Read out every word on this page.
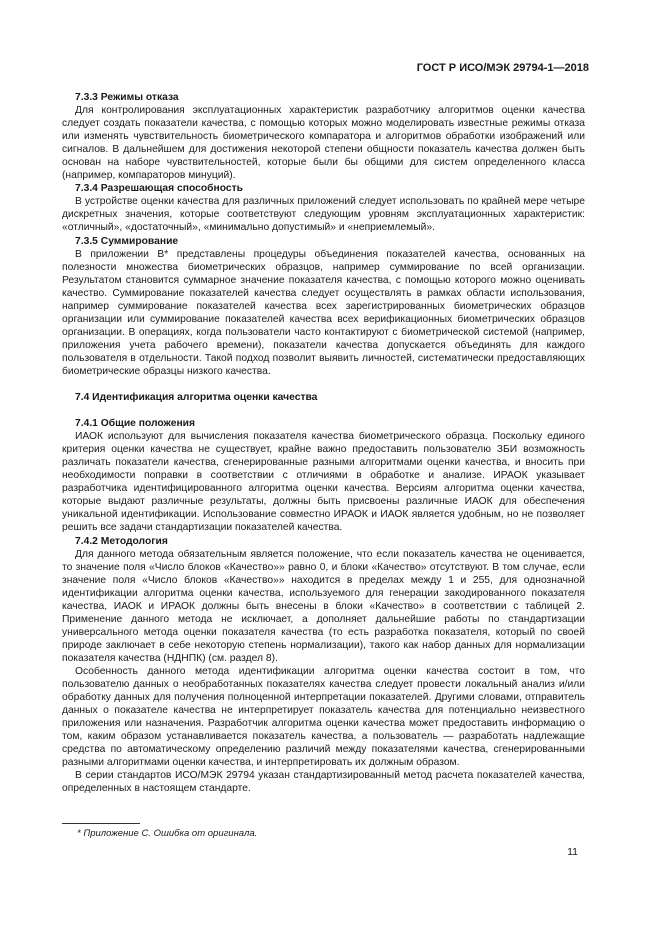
ГОСТ Р ИСО/МЭК 29794-1—2018

7.3.3 Режимы отказа

Для контролирования эксплуатационных характеристик разработчику алгоритмов оценки качества следует создать показатели качества, с помощью которых можно моделировать известные режимы отказа или изменять чувствительность биометрического компаратора и алгоритмов обработки изображений или сигналов. В дальнейшем для достижения некоторой степени общности показатель качества должен быть основан на наборе чувствительностей, которые были бы общими для систем определенного класса (например, компараторов минуций).

7.3.4 Разрешающая способность

В устройстве оценки качества для различных приложений следует использовать по крайней мере четыре дискретных значения, которые соответствуют следующим уровням эксплуатационных характеристик: «отличный», «достаточный», «минимально допустимый» и «неприемлемый».

7.3.5 Суммирование

В приложении B* представлены процедуры объединения показателей качества, основанных на полезности множества биометрических образцов, например суммирование по всей организации. Результатом становится суммарное значение показателя качества, с помощью которого можно оценивать качество. Суммирование показателей качества следует осуществлять в рамках области использования, например суммирование показателей качества всех зарегистрированных биометрических образцов организации или суммирование показателей качества всех верификационных биометрических образцов организации. В операциях, когда пользователи часто контактируют с биометрической системой (например, приложения учета рабочего времени), показатели качества допускается объединять для каждого пользователя в отдельности. Такой подход позволит выявить личностей, систематически предоставляющих биометрические образцы низкого качества.

7.4 Идентификация алгоритма оценки качества

7.4.1 Общие положения

ИАОК используют для вычисления показателя качества биометрического образца. Поскольку единого критерия оценки качества не существует, крайне важно предоставить пользователю ЗБИ возможность различать показатели качества, сгенерированные разными алгоритмами оценки качества, и вносить при необходимости поправки в соответствии с отличиями в обработке и анализе. ИРАОК указывает разработчика идентифицированного алгоритма оценки качества. Версиям алгоритма оценки качества, которые выдают различные результаты, должны быть присвоены различные ИАОК для обеспечения уникальной идентификации. Использование совместно ИРАОК и ИАОК является удобным, но не позволяет решить все задачи стандартизации показателей качества.

7.4.2 Методология

Для данного метода обязательным является положение, что если показатель качества не оценивается, то значение поля «Число блоков «Качество»» равно 0, и блоки «Качество» отсутствуют. В том случае, если значение поля «Число блоков «Качество»» находится в пределах между 1 и 255, для однозначной идентификации алгоритма оценки качества, используемого для генерации закодированного показателя качества, ИАОК и ИРАОК должны быть внесены в блоки «Качество» в соответствии с таблицей 2. Применение данного метода не исключает, а дополняет дальнейшие работы по стандартизации универсального метода оценки показателя качества (то есть разработка показателя, который по своей природе заключает в себе некоторую степень нормализации), такого как набор данных для нормализации показателя качества (НДНПК) (см. раздел 8).

Особенность данного метода идентификации алгоритма оценки качества состоит в том, что пользователю данных о необработанных показателях качества следует провести локальный анализ и/или обработку данных для получения полноценной интерпретации показателей. Другими словами, отправитель данных о показателе качества не интерпретирует показатель качества для потенциально неизвестного приложения или назначения. Разработчик алгоритма оценки качества может предоставить информацию о том, каким образом устанавливается показатель качества, а пользователь — разработать надлежащие средства по автоматическому определению различий между показателями качества, сгенерированными разными алгоритмами оценки качества, и интерпретировать их должным образом.

В серии стандартов ИСО/МЭК 29794 указан стандартизированный метод расчета показателей качества, определенных в настоящем стандарте.

* Приложение С. Ошибка от оригинала.
11
